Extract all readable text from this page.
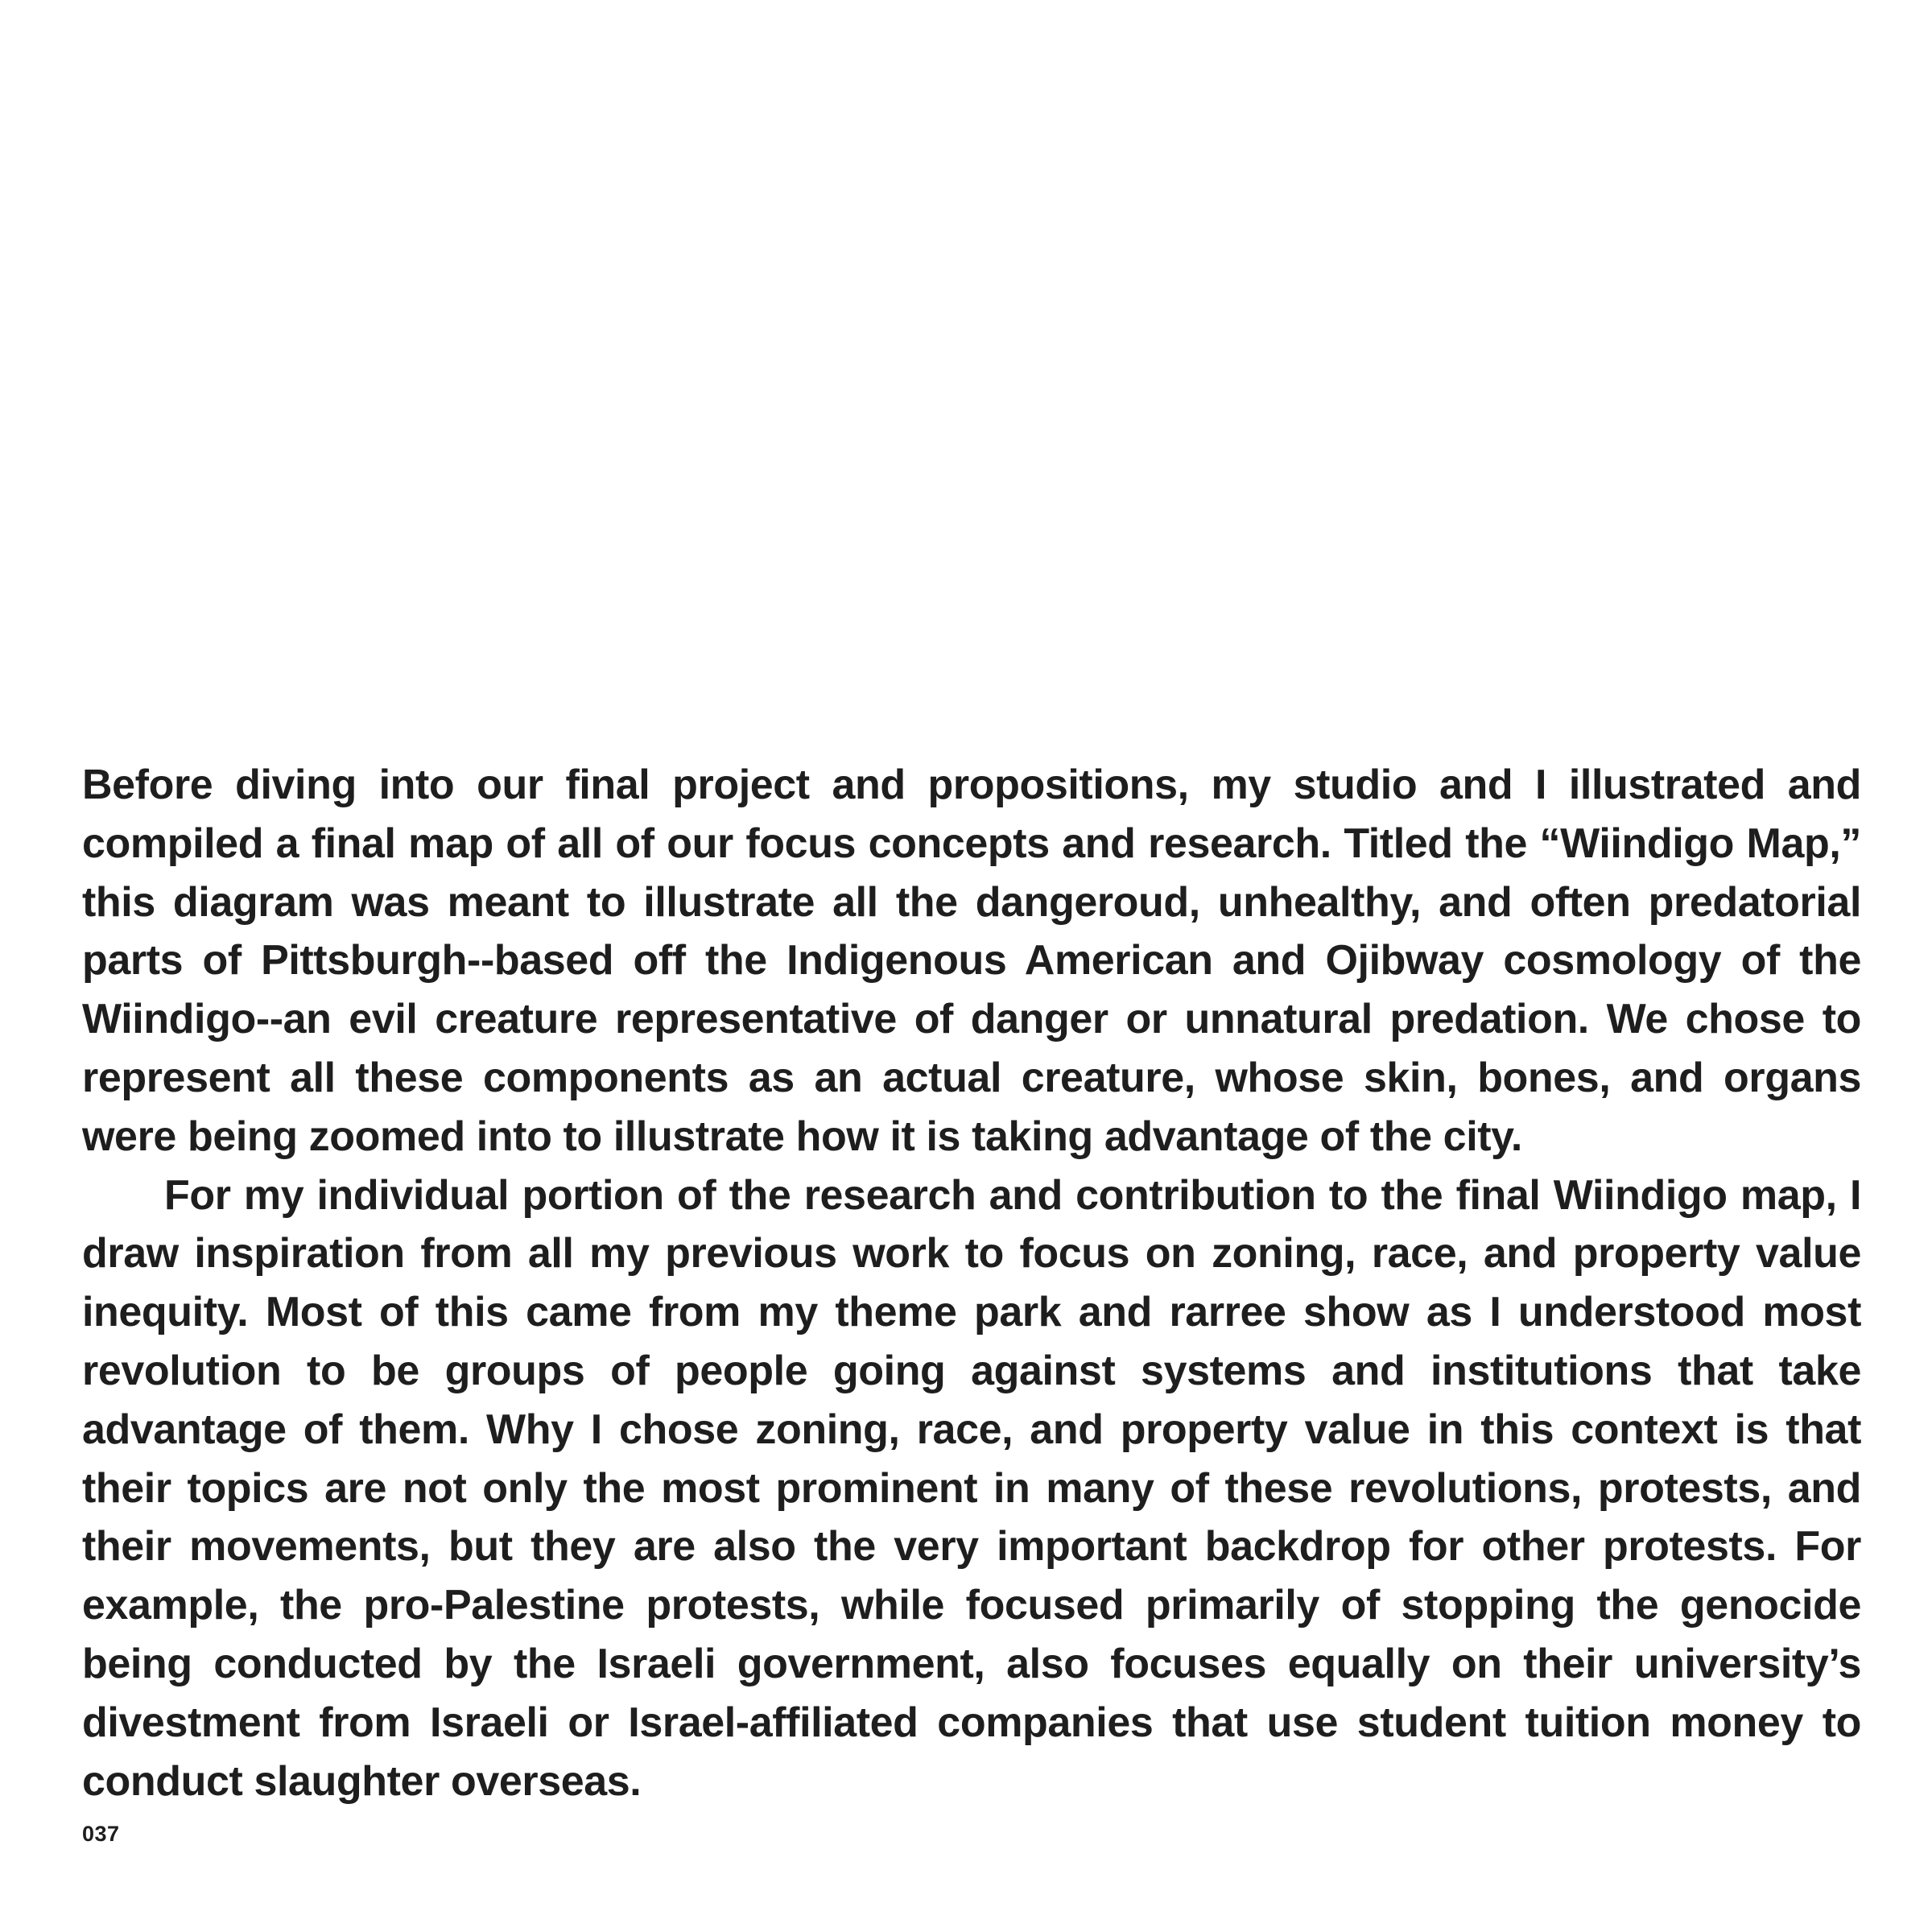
Before diving into our final project and propositions, my studio and I illustrated and compiled a final map of all of our focus concepts and research. Titled the “Wiindigo Map,” this diagram was meant to illustrate all the dangeroud, unhealthy, and often predatorial parts of Pittsburgh--based off the Indigenous American and Ojibway cosmology of the Wiindigo--an evil creature representative of danger or unnatural predation. We chose to represent all these components as an actual creature, whose skin, bones, and organs were being zoomed into to illustrate how it is taking advantage of the city.

For my individual portion of the research and contribution to the final Wiindigo map, I draw inspiration from all my previous work to focus on zoning, race, and property value inequity. Most of this came from my theme park and rarree show as I understood most revolution to be groups of people going against systems and institutions that take advantage of them. Why I chose zoning, race, and property value in this context is that their topics are not only the most prominent in many of these revolutions, protests, and their movements, but they are also the very important backdrop for other protests. For example, the pro-Palestine protests, while focused primarily of stopping the genocide being conducted by the Israeli government, also focuses equally on their university’s divestment from Israeli or Israel-affiliated companies that use student tuition money to conduct slaughter overseas.

037
